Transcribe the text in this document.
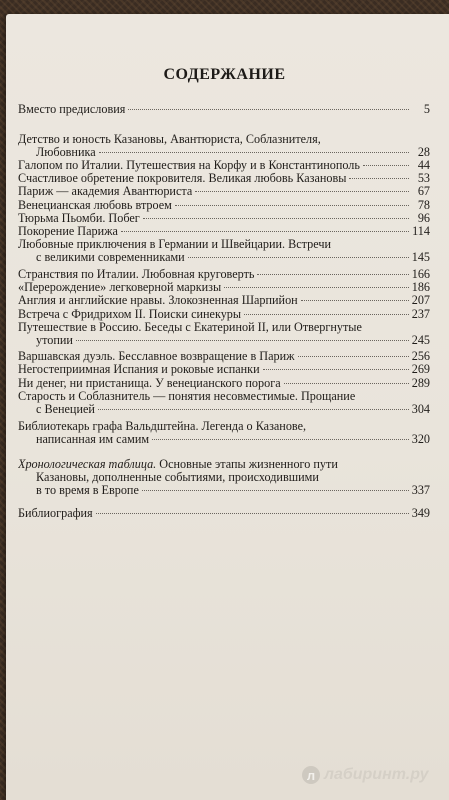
СОДЕРЖАНИЕ
Вместо предисловия	5
Детство и юность Казановы, Авантюриста, Соблазнителя,
Любовника	28
Галопом по Италии. Путешествия на Корфу и в Константинополь	44
Счастливое обретение покровителя. Великая любовь Казановы	53
Париж — академия Авантюриста	67
Венецианская любовь втроем	78
Тюрьма Пьомби. Побег	96
Покорение Парижа	114
Любовные приключения в Германии и Швейцарии. Встречи
с великими современниками	145
Странствия по Италии. Любовная круговерть	166
«Перерождение» легковерной маркизы	186
Англия и английские нравы. Злокозненная Шарпийон	207
Встреча с Фридрихом II. Поиски синекуры	237
Путешествие в Россию. Беседы с Екатериной II, или Отвергнутые
утопии	245
Варшавская дуэль. Бесславное возвращение в Париж	256
Негостеприимная Испания и роковые испанки	269
Ни денег, ни пристанища. У венецианского порога	289
Старость и Соблазнитель — понятия несовместимые. Прощание
с Венецией	304
Библиотекарь графа Вальдштейна. Легенда о Казанове,
написанная им самим	320
Хронологическая таблица. Основные этапы жизненного пути
Казановы, дополненные событиями, происходившими
в то время в Европе	337
Библиография	349
л лабиринт.ру
